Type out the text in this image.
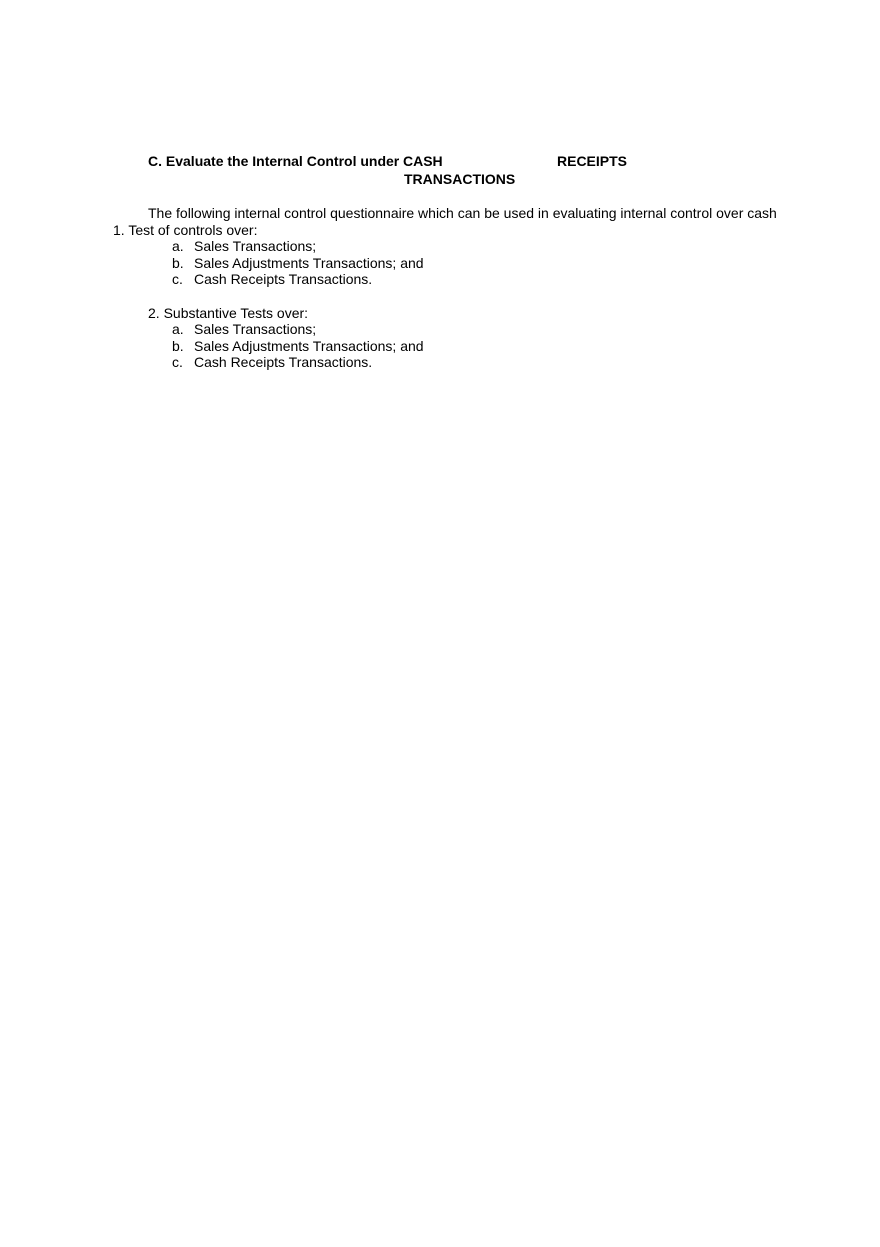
C. Evaluate the Internal Control under CASH	RECEIPTS
TRANSACTIONS
The following internal control questionnaire which can be used in evaluating internal control over cash
1. Test of controls over:
a. Sales Transactions;
b. Sales Adjustments Transactions; and
c. Cash Receipts Transactions.
2. Substantive Tests over:
a. Sales Transactions;
b. Sales Adjustments Transactions; and
c. Cash Receipts Transactions.
